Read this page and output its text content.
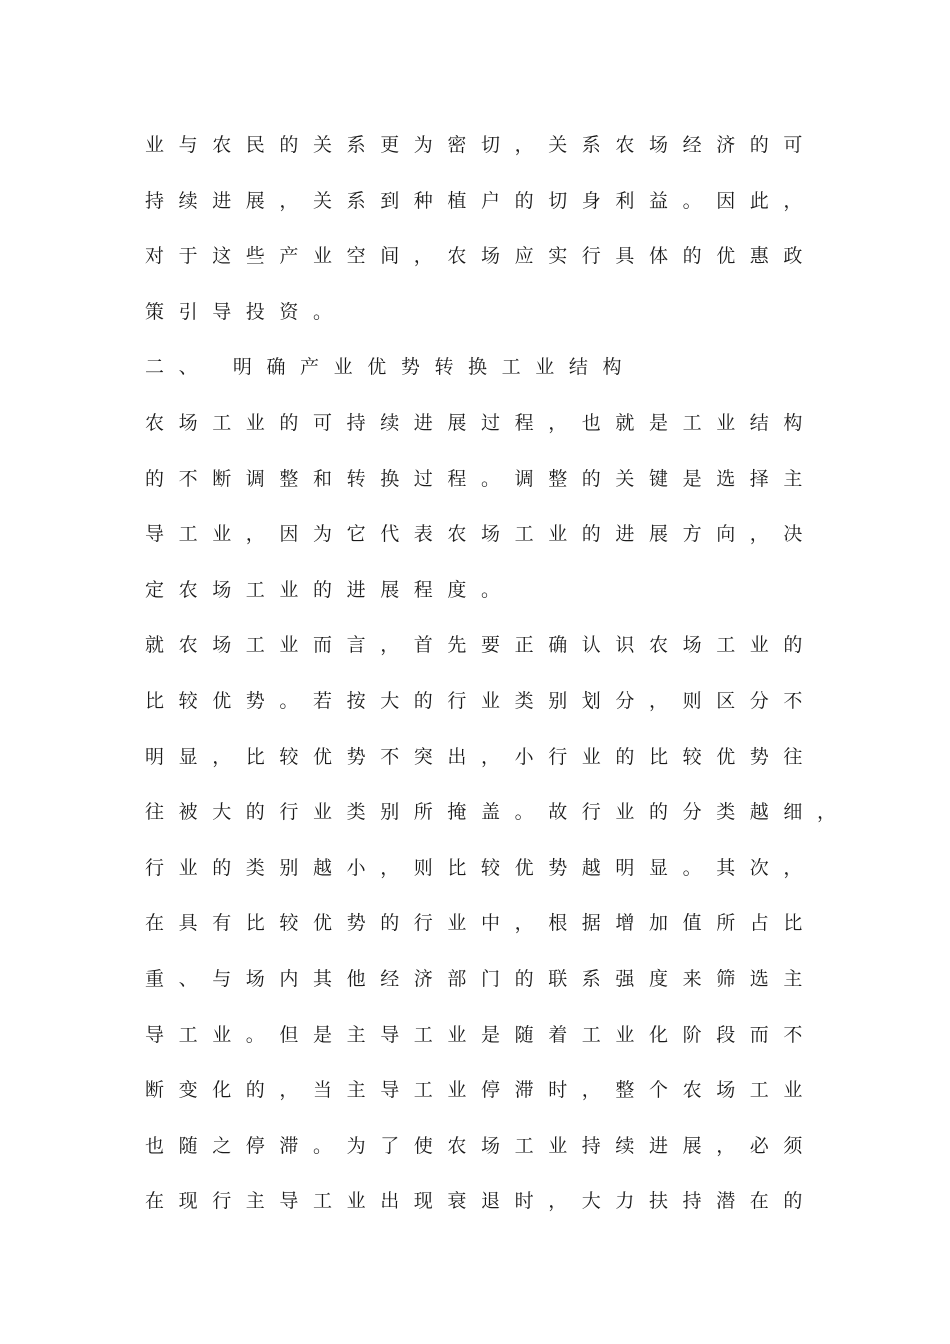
业与农民的关系更为密切，关系农场经济的可
持续进展，关系到种植户的切身利益。因此，
对于这些产业空间，农场应实行具体的优惠政
策引导投资。
二、 明确产业优势转换工业结构
农场工业的可持续进展过程，也就是工业结构
的不断调整和转换过程。调整的关键是选择主
导工业，因为它代表农场工业的进展方向，决
定农场工业的进展程度。
就农场工业而言，首先要正确认识农场工业的
比较优势。若按大的行业类别划分，则区分不
明显，比较优势不突出，小行业的比较优势往
往被大的行业类别所掩盖。故行业的分类越细，
行业的类别越小，则比较优势越明显。其次，
在具有比较优势的行业中，根据增加值所占比
重、与场内其他经济部门的联系强度来筛选主
导工业。但是主导工业是随着工业化阶段而不
断变化的，当主导工业停滞时，整个农场工业
也随之停滞。为了使农场工业持续进展，必须
在现行主导工业出现衰退时，大力扶持潜在的
